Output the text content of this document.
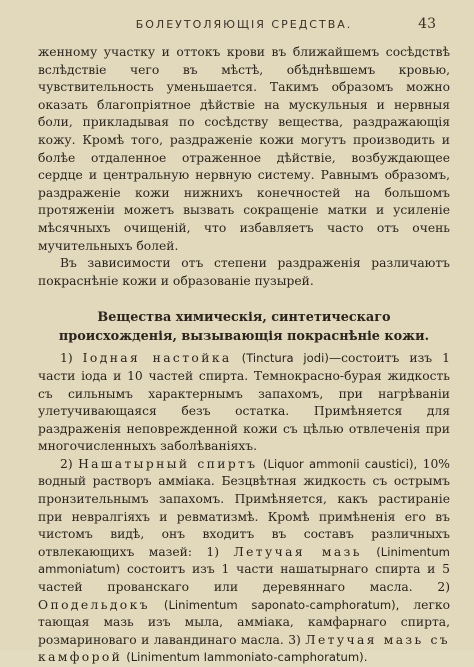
БОЛЕУТОЛЯЮЩІЯ СРЕДСТВА.	43

женному участку и оттокъ крови въ ближайшемъ сосѣдствѣ вслѣдствіе чего въ мѣстѣ, обѣднѣвшемъ кровью, чувствительность уменьшается. Такимъ образомъ можно оказать благопріятное дѣйствіе на мускульныя и нервныя боли, прикладывая по сосѣдству вещества, раздражающія кожу. Кромѣ того, раздраженіе кожи могутъ производить и болѣе отдаленное отраженное дѣйствіе, возбуждающее сердце и центральную нервную систему. Равнымъ образомъ, раздраженіе кожи нижнихъ конечностей на большомъ протяженіи можетъ вызвать сокращеніе матки и усиленіе мѣсячныхъ очищеній, что избавляетъ часто отъ очень мучительныхъ болей.

Въ зависимости отъ степени раздраженія различаютъ покраснѣніе кожи и образованіе пузырей.

Вещества химическія, синтетическаго происхожденія, вызывающія покраснѣніе кожи.

1) Іодная настойка (Tinctura jodi)—состоитъ изъ 1 части іода и 10 частей спирта. Темнокрасно-бурая жидкость съ сильнымъ характернымъ запахомъ, при нагрѣваніи улетучивающаяся безъ остатка. Примѣняется для раздраженія неповрежденной кожи съ цѣлью отвлеченія при многочисленныхъ заболѣваніяхъ.

2) Нашатырный спиртъ (Liquor ammonii caustici), 10% водный растворъ аммiака. Безцвѣтная жидкость съ острымъ пронзительнымъ запахомъ. Примѣняется, какъ растираніе при невралгіяхъ и ревматизмѣ. Кромѣ примѣненія его въ чистомъ видѣ, онъ входитъ въ составъ различныхъ отвлекающихъ мазей: 1) Летучая мазь (Linimentum ammoniatum) состоитъ изъ 1 части нашатырнаго спирта и 5 частей прованскаго или деревяннаго масла. 2) Оподельдокъ (Linimentum saponato-camphoratum), легко тающая мазь изъ мыла, аммiака, камфарнаго спирта, розмариноваго и лавандинаго масла. 3) Летучая мазь съ камфорой (Linimentum Iammoniato-camphoratum).
